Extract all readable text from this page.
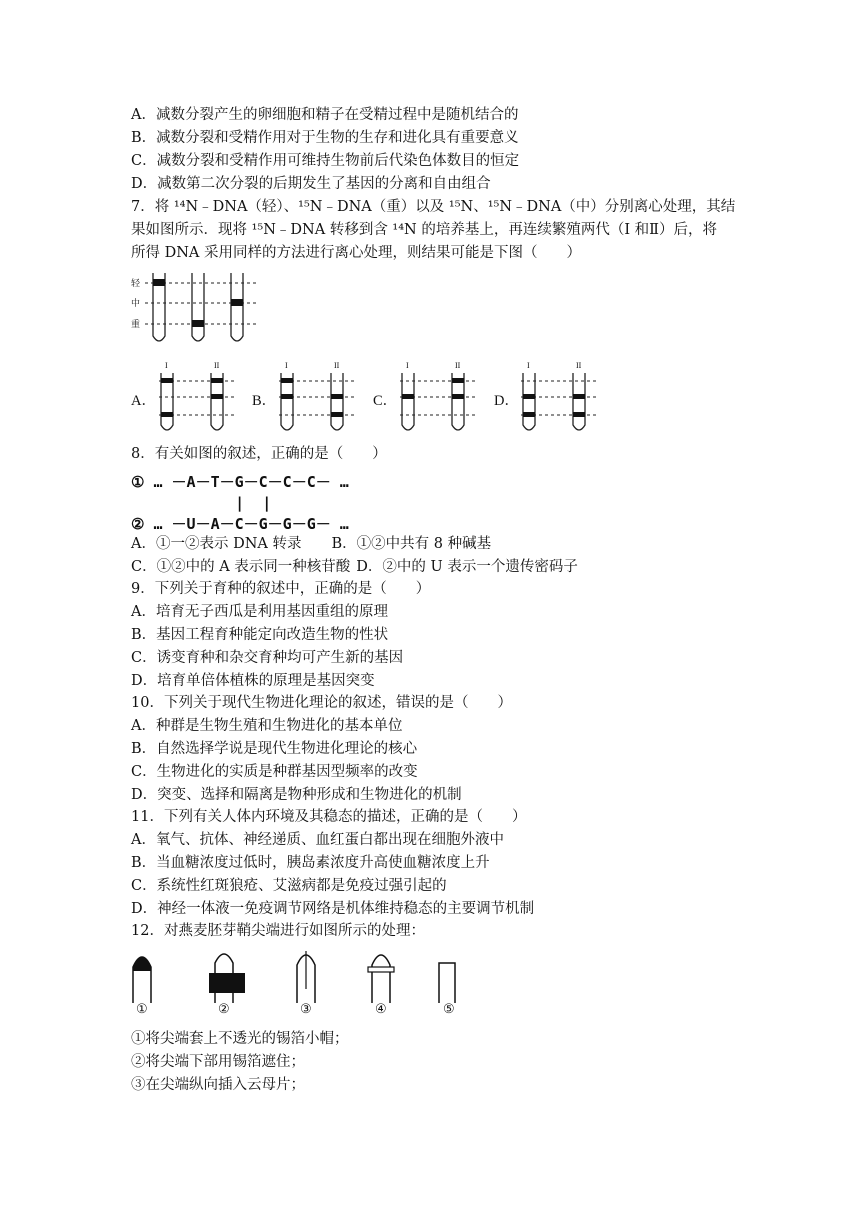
A．减数分裂产生的卵细胞和精子在受精过程中是随机结合的
B．减数分裂和受精作用对于生物的生存和进化具有重要意义
C．减数分裂和受精作用可维持生物前后代染色体数目的恒定
D．减数第二次分裂的后期发生了基因的分离和自由组合
7．将 ¹⁴N﹣DNA（轻）、¹⁵N﹣DNA（重）以及 ¹⁵N、¹⁵N﹣DNA（中）分别离心处理，其结
果如图所示．现将 ¹⁵N﹣DNA 转移到含 ¹⁴N 的培养基上，再连续繁殖两代（I 和Ⅱ）后，将
所得 DNA 采用同样的方法进行离心处理，则结果可能是下图（　　）
轻
中
重
A．	B．	C．	D．
I	II	I	II	I	II	I	II
8．有关如图的叙述，正确的是（　　）
① … －A－T－G－C－C－C－ …
|  |
② … －U－A－C－G－G－G－ …
A．①一②表示 DNA 转录 B．①②中共有 8 种碱基
C．①②中的 A 表示同一种核苷酸 D．②中的 U 表示一个遗传密码子
9．下列关于育种的叙述中，正确的是（　　）
A．培育无子西瓜是利用基因重组的原理
B．基因工程育种能定向改造生物的性状
C．诱变育种和杂交育种均可产生新的基因
D．培育单倍体植株的原理是基因突变
10．下列关于现代生物进化理论的叙述，错误的是（　　）
A．种群是生物生殖和生物进化的基本单位
B．自然选择学说是现代生物进化理论的核心
C．生物进化的实质是种群基因型频率的改变
D．突变、选择和隔离是物种形成和生物进化的机制
11．下列有关人体内环境及其稳态的描述，正确的是（　　）
A．氧气、抗体、神经递质、血红蛋白都出现在细胞外液中
B．当血糖浓度过低时，胰岛素浓度升高使血糖浓度上升
C．系统性红斑狼疮、艾滋病都是免疫过强引起的
D．神经一体液一免疫调节网络是机体维持稳态的主要调节机制
12．对燕麦胚芽鞘尖端进行如图所示的处理：
①	②	③	④	⑤
①将尖端套上不透光的锡箔小帽；
②将尖端下部用锡箔遮住；
③在尖端纵向插入云母片；
